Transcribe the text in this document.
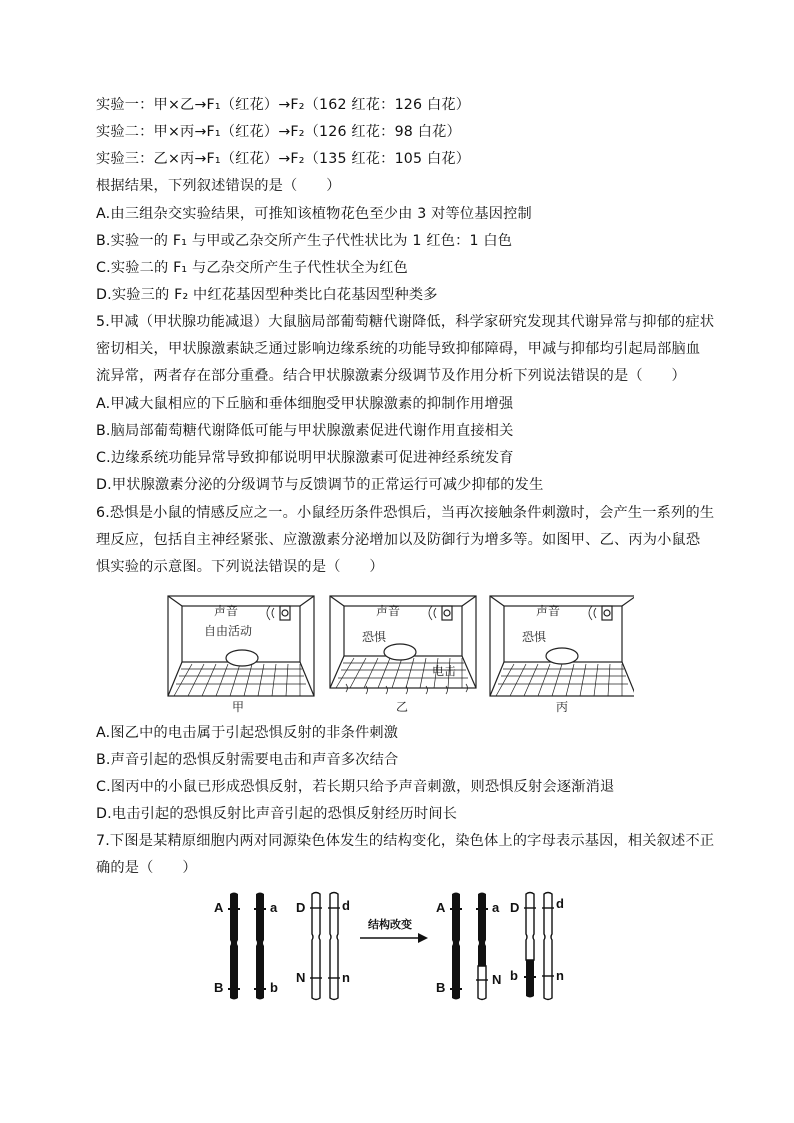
实验一：甲×乙→F₁（红花）→F₂（162 红花：126 白花）
实验二：甲×丙→F₁（红花）→F₂（126 红花：98 白花）
实验三：乙×丙→F₁（红花）→F₂（135 红花：105 白花）
根据结果，下列叙述错误的是（　　）
A.由三组杂交实验结果，可推知该植物花色至少由 3 对等位基因控制
B.实验一的 F₁ 与甲或乙杂交所产生子代性状比为 1 红色：1 白色
C.实验二的 F₁ 与乙杂交所产生子代性状全为红色
D.实验三的 F₂ 中红花基因型种类比白花基因型种类多
5.甲减（甲状腺功能减退）大鼠脑局部葡萄糖代谢降低，科学家研究发现其代谢异常与抑郁的症状
密切相关，甲状腺激素缺乏通过影响边缘系统的功能导致抑郁障碍，甲减与抑郁均引起局部脑血
流异常，两者存在部分重叠。结合甲状腺激素分级调节及作用分析下列说法错误的是（　　）
A.甲减大鼠相应的下丘脑和垂体细胞受甲状腺激素的抑制作用增强
B.脑局部葡萄糖代谢降低可能与甲状腺激素促进代谢作用直接相关
C.边缘系统功能异常导致抑郁说明甲状腺激素可促进神经系统发育
D.甲状腺激素分泌的分级调节与反馈调节的正常运行可减少抑郁的发生
6.恐惧是小鼠的情感反应之一。小鼠经历条件恐惧后，当再次接触条件刺激时，会产生一系列的生
理反应，包括自主神经紧张、应激激素分泌增加以及防御行为增多等。如图甲、乙、丙为小鼠恐
惧实验的示意图。下列说法错误的是（　　）
声音
自由活动
声音
恐惧
电击
声音
恐惧
甲	乙	丙
A.图乙中的电击属于引起恐惧反射的非条件刺激
B.声音引起的恐惧反射需要电击和声音多次结合
C.图丙中的小鼠已形成恐惧反射，若长期只给予声音刺激，则恐惧反射会逐渐消退
D.电击引起的恐惧反射比声音引起的恐惧反射经历时间长
7.下图是某精原细胞内两对同源染色体发生的结构变化，染色体上的字母表示基因，相关叙述不正
确的是（　　）
A
B
a
b
D
N
d
n
结构改变
A
B
a
N
D
b
d
n
